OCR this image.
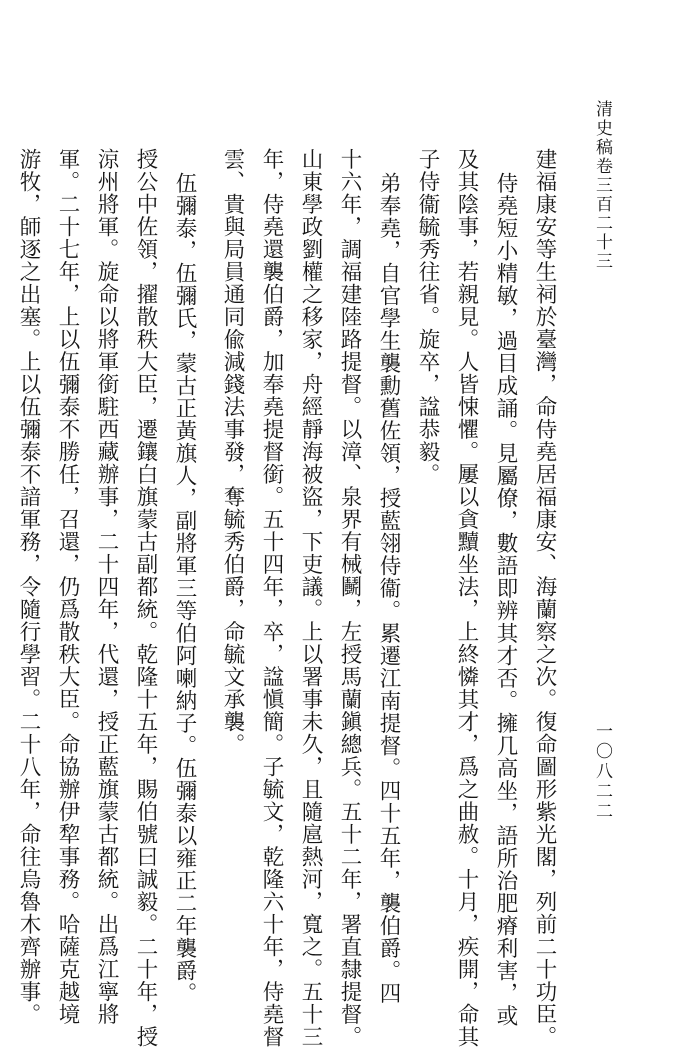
清史稿卷三百二十三
一〇八二二
建福康安等生祠於臺灣，命侍堯居福康安、海蘭察之次。復命圖形紫光閣，列前二十功臣。
侍堯短小精敏，過目成誦。見屬僚，數語即辨其才否。擁几高坐，語所治肥瘠利害，或
及其陰事，若親見。人皆悚懼。屢以貪黷坐法，上終憐其才，爲之曲赦。十月，疾開，命其
子侍衞毓秀往省。旋卒，諡恭毅。
弟奉堯，自官學生襲勳舊佐領，授藍翎侍衞。累遷江南提督。四十五年，襲伯爵。四
十六年，調福建陸路提督。以漳、泉界有械鬭，左授馬蘭鎭總兵。五十二年，署直隸提督。
山東學政劉權之移家，舟經靜海被盜，下吏議。上以署事未久，且隨扈熱河，寬之。五十三
年，侍堯還襲伯爵，加奉堯提督銜。五十四年，卒，諡愼簡。子毓文，乾隆六十年，侍堯督
雲、貴與局員通同偸減錢法事發，奪毓秀伯爵，命毓文承襲。
伍彌泰，伍彌氏，蒙古正黃旗人，副將軍三等伯阿喇納子。伍彌泰以雍正二年襲爵。
授公中佐領，擢散秩大臣，遷鑲白旗蒙古副都統。乾隆十五年，賜伯號曰誠毅。二十年，授
涼州將軍。旋命以將軍銜駐西藏辦事，二十四年，代還，授正藍旗蒙古都統。出爲江寧將
軍。二十七年，上以伍彌泰不勝任，召還，仍爲散秩大臣。命協辦伊犂事務。哈薩克越境
游牧，師逐之出塞。上以伍彌泰不諳軍務，令隨行學習。二十八年，命往烏魯木齊辦事。
